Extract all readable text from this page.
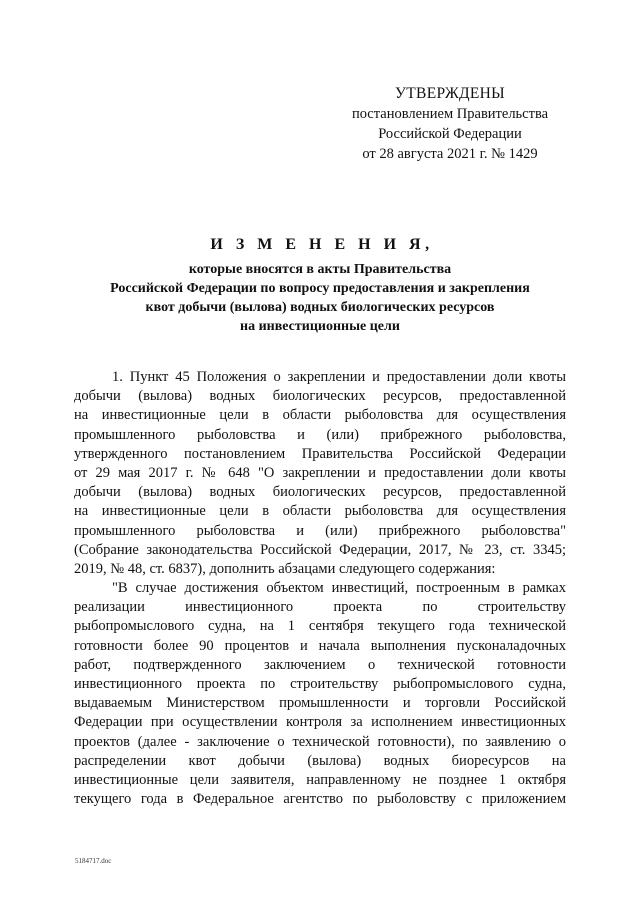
УТВЕРЖДЕНЫ
постановлением Правительства
Российской Федерации
от 28 августа 2021 г. № 1429
И З М Е Н Е Н И Я,
которые вносятся в акты Правительства
Российской Федерации по вопросу предоставления и закрепления
квот добычи (вылова) водных биологических ресурсов
на инвестиционные цели
1. Пункт 45 Положения о закреплении и предоставлении доли квоты
добычи (вылова) водных биологических ресурсов, предоставленной
на инвестиционные цели в области рыболовства для осуществления
промышленного рыболовства и (или) прибрежного рыболовства,
утвержденного постановлением Правительства Российской Федерации
от 29 мая 2017 г. № 648 "О закреплении и предоставлении доли квоты
добычи (вылова) водных биологических ресурсов, предоставленной
на инвестиционные цели в области рыболовства для осуществления
промышленного рыболовства и (или) прибрежного рыболовства"
(Собрание законодательства Российской Федерации, 2017, № 23, ст. 3345;
2019, № 48, ст. 6837), дополнить абзацами следующего содержания:
"В случае достижения объектом инвестиций, построенным в рамках
реализации инвестиционного проекта по строительству
рыбопромыслового судна, на 1 сентября текущего года технической
готовности более 90 процентов и начала выполнения пусконаладочных
работ, подтвержденного заключением о технической готовности
инвестиционного проекта по строительству рыбопромыслового судна,
выдаваемым Министерством промышленности и торговли Российской
Федерации при осуществлении контроля за исполнением инвестиционных
проектов (далее - заключение о технической готовности), по заявлению о
распределении квот добычи (вылова) водных биоресурсов на
инвестиционные цели заявителя, направленному не позднее 1 октября
текущего года в Федеральное агентство по рыболовству с приложением
5184717.doc
